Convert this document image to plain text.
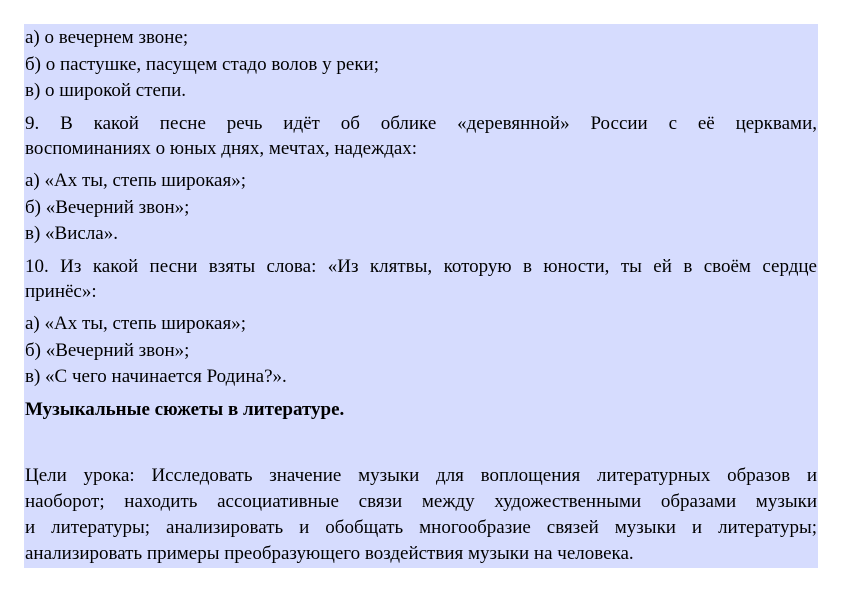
а) о вечернем звоне;
б) о пастушке, пасущем стадо волов у реки;
в) о широкой степи.
9. В какой песне речь идёт об облике «деревянной» России с её церквами,
воспоминаниях о юных днях, мечтах, надеждах:
а) «Ах ты, степь широкая»;
б) «Вечерний звон»;
в) «Висла».
10. Из какой песни взяты слова: «Из клятвы, которую в юности, ты ей в своём сердце
принёс»:
а) «Ах ты, степь широкая»;
б) «Вечерний звон»;
в) «С чего начинается Родина?».
Музыкальные сюжеты в литературе.
Цели урока: Исследовать значение музыки для воплощения литературных образов и
наоборот; находить ассоциативные связи между художественными образами музыки
и литературы; анализировать и обобщать многообразие связей музыки и литературы;
анализировать примеры преобразующего воздействия музыки на человека.
